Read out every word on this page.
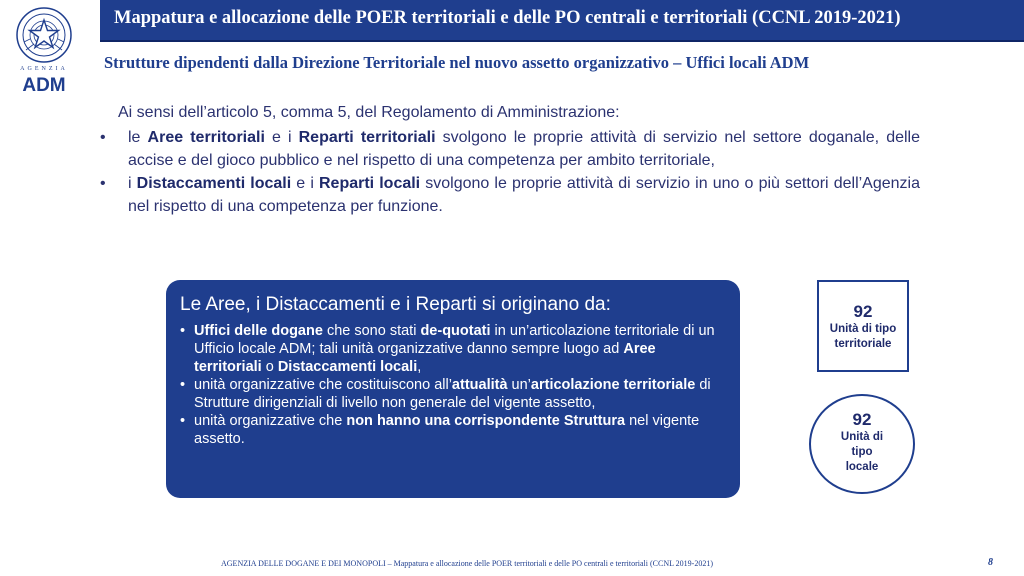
AGENZIA
ADM
Mappatura e allocazione delle POER territoriali e delle PO centrali e territoriali (CCNL 2019-2021)
Strutture dipendenti dalla Direzione Territoriale nel nuovo assetto organizzativo – Uffici locali ADM
Ai sensi dell’articolo 5, comma 5, del Regolamento di Amministrazione:
• le Aree territoriali e i Reparti territoriali svolgono le proprie attività di servizio nel settore doganale, delle accise e del gioco pubblico e nel rispetto di una competenza per ambito territoriale,
• i Distaccamenti locali e i Reparti locali svolgono le proprie attività di servizio in uno o più settori dell’Agenzia nel rispetto di una competenza per funzione.
Le Aree, i Distaccamenti e i Reparti si originano da:
• Uffici delle dogane che sono stati de-quotati in un’articolazione territoriale di un Ufficio locale ADM; tali unità organizzative danno sempre luogo ad Aree territoriali o Distaccamenti locali,
• unità organizzative che costituiscono all’attualità un’articolazione territoriale di Strutture dirigenziali di livello non generale del vigente assetto,
• unità organizzative che non hanno una corrispondente Struttura nel vigente assetto.
92
Unità di tipo
territoriale
92
Unità di
tipo
locale
AGENZIA DELLE DOGANE E DEI MONOPOLI – Mappatura e allocazione delle POER territoriali e delle PO centrali e territoriali (CCNL 2019-2021)	8
